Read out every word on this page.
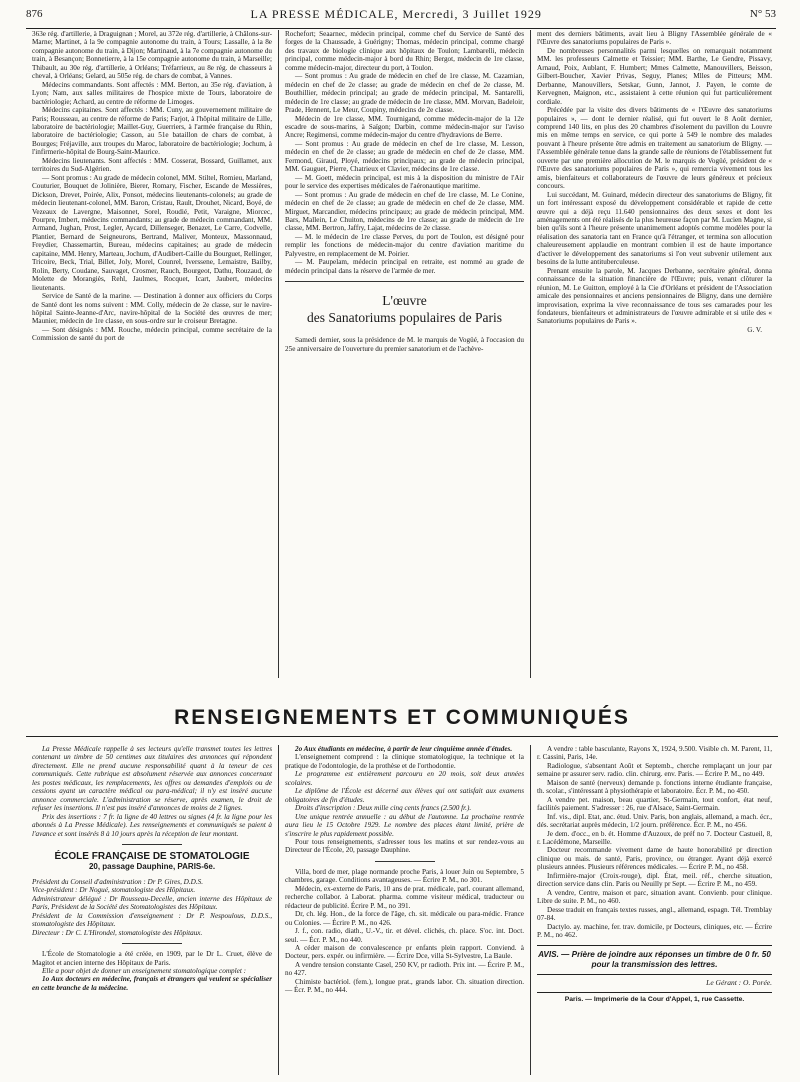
876	LA PRESSE MÉDICALE, Mercredi, 3 Juillet 1929	N° 53

363e rég. d'artillerie, à Draguignan ; Morel, au 372e rég. d'artillerie, à Châlons-sur-Marne; Martinet, à la 9e compagnie autonome du train, à Tours; Lassalle, à la 8e compagnie autonome du train, à Dijon; Martinaud, à la 7e compagnie autonome du train, à Besançon; Bonnetierre, à la 15e compagnie autonome du train, à Marseille; Thibault, au 30e rég. d'artillerie, à Orléans; Tréfarrieux, au 8e rég. de chasseurs à cheval, à Orléans; Gelard, au 505e rég. de chars de combat, à Vannes.

Médecins commandants. Sont affectés : MM. Berton, au 35e rég. d'aviation, à Lyon; Nam, aux salles militaires de l'hospice mixte de Tours, laboratoire de bactériologie; Achard, au centre de réforme de Limoges.

Médecins capitaines. Sont affectés : MM. Cuny, au gouvernement militaire de Paris; Rousseau, au centre de réforme de Paris; Farjot, à l'hôpital militaire de Lille, laboratoire de bactériologie; Maillet-Guy, Guerriers, à l'armée française du Rhin, laboratoire de bactériologie; Casson, au 51e bataillon de chars de combat, à Bourges; Fréjaville, aux troupes du Maroc, laboratoire de bactériologie; Jochum, à l'infirmerie-hôpital de Bourg-Saint-Maurice.

Médecins lieutenants. Sont affectés : MM. Cosserat, Bossard, Guillamet, aux territoires du Sud-Algérien.

— Sont promus : Au grade de médecin colonel, MM. Stiltel, Romieu, Marland, Couturier, Bouquet de Jolinière, Bierer, Romary, Fischer, Escande de Messières, Dickson, Drevet, Poirée, Alix, Ponsot, médecins lieutenants-colonels; au grade de médecin lieutenant-colonel, MM. Baron, Cristau, Rault, Drouhet, Nicard, Boyé, de Vezeaux de Lavergne, Maisonnet, Sorel, Roudié, Petit, Varaigne, Miorcec, Pourpre, Imbert, médecins commandants; au grade de médecin commandant, MM. Armand, Jughan, Prost, Legler, Aycard, Dillenseger, Benazet, Le Carre, Codvelle, Plantier, Bernard de Seigneurons, Bertrand, Maliver, Monteux, Massonnaud, Freydier, Chassemartin, Bureau, médecins capitaines; au grade de médecin capitaine, MM. Henry, Marteau, Jochum, d'Audibert-Caille du Bourguet, Rellinger, Tricoire, Beck, Trial, Billet, Joly, Morel, Counrel, Iverssene, Lemaistre, Bailby, Rolin, Berty, Coudane, Sauvaget, Crosmer, Rauch, Bourgeot, Dathu, Rouzaud, de Molette de Morangiès, Rehl, Jaulmes, Rocquet, Icart, Jaubert, médecins lieutenants.

Service de Santé de la marine. — Destination à donner aux officiers du Corps de Santé dont les noms suivent : MM. Colly, médecin de 2e classe, sur le navire-hôpital Sainte-Jeanne-d'Arc, navire-hôpital de la Société des œuvres de mer; Maunier, médecin de 1re classe, en sous-ordre sur le croiseur Bretagne.

— Sont désignés : MM. Rouche, médecin principal, comme secrétaire de la Commission de santé du port de

Rochefort; Seaarnec, médecin principal, comme chef du Service de Santé des forges de la Chaussade, à Guérigny; Thomas, médecin principal, comme chargé des travaux de biologie clinique aux hôpitaux de Toulon; Lambarelli, médecin principal, comme médecin-major à bord du Rhin; Bergot, médecin de 1re classe, comme médecin-major, directeur du port, à Toulon.

— Sont promus : Au grade de médecin en chef de 1re classe, M. Cazamian, médecin en chef de 2e classe; au grade de médecin en chef de 2e classe, M. Bouthillier, médecin principal; au grade de médecin principal, M. Santarelli, médecin de 1re classe; au grade de médecin de 1re classe, MM. Morvan, Badeloir, Prade, Hennent, Le Meur, Coupiny, médecins de 2e classe.

Médecin de 1re classe, MM. Tournigand, comme médecin-major de la 12e escadre de sous-marins, à Saïgon; Darbin, comme médecin-major sur l'aviso Ancre; Regimensi, comme médecin-major du centre d'hydravions de Berre.

— Sont promus : Au grade de médecin en chef de 1re classe, M. Lesson, médecin en chef de 2e classe; au grade de médecin en chef de 2e classe, MM. Fermond, Giraud, Ployé, médecins principaux; au grade de médecin principal, MM. Gauguet, Pierre, Chatrieux et Clavier, médecins de 1re classe.

— M. Goett, médecin principal, est mis à la disposition du ministre de l'Air pour le service des expertises médicales de l'aéronautique maritime.

— Sont promus : Au grade de médecin en chef de 1re classe, M. Le Conine, médecin en chef de 2e classe; au grade de médecin en chef de 2e classe, MM. Mirguet, Marcandier, médecins principaux; au grade de médecin principal, MM. Bars, Mallein, Le Chuiton, médecins de 1re classe; au grade de médecin de 1re classe, MM. Bertron, Jaffry, Lajat, médecins de 2e classe.

— M. le médecin de 1re classe Perves, du port de Toulon, est désigné pour remplir les fonctions de médecin-major du centre d'aviation maritime du Palyvestre, en remplacement de M. Poirier.

— M. Paupelam, médecin principal en retraite, est nommé au grade de médecin principal dans la réserve de l'armée de mer.

L'œuvre
des Sanatoriums populaires de Paris

Samedi dernier, sous la présidence de M. le marquis de Vogüé, à l'occasion du 25e anniversaire de l'ouverture du premier sanatorium et de l'achève-

ment des derniers bâtiments, avait lieu à Bligny l'Assemblée générale de « l'Œuvre des sanatoriums populaires de Paris ».

De nombreuses personnalités parmi lesquelles on remarquait notamment MM. les professeurs Calmette et Teissier; MM. Barthe, Le Gendre, Pissavy, Arnaud, Poix, Aublant, F. Humbert; Mmes Calmette, Manouvillers, Beisson, Gilbert-Boucher, Xavier Privas, Seguy, Planes; Mlles de Pitteurs; MM. Derbanne, Manouvillers, Setskar, Gunn, Jannot, J. Payen, le comte de Kervegnen, Maignon, etc., assistaient à cette réunion qui fut particulièrement cordiale.

Précédée par la visite des divers bâtiments de « l'Œuvre des sanatoriums populaires », — dont le dernier réalisé, qui fut ouvert le 8 Août dernier, comprend 140 lits, en plus des 20 chambres d'isolement du pavillon du Louvre mis en même temps en service, ce qui porte à 549 le nombre des malades pouvant à l'heure présente être admis en traitement au sanatorium de Bligny. — l'Assemblée générale tenue dans la grande salle de réunions de l'établissement fut ouverte par une première allocution de M. le marquis de Vogüé, président de « l'Œuvre des sanatoriums populaires de Paris », qui remercia vivement tous les amis, bienfaiteurs et collaborateurs de l'œuvre de leurs généreux et précieux concours.

Lui succédant, M. Guinard, médecin directeur des sanatoriums de Bligny, fit un fort intéressant exposé du développement considérable et rapide de cette œuvre qui a déjà reçu 11.640 pensionnaires des deux sexes et dont les aménagements ont été réalisés de la plus heureuse façon par M. Lucien Magne, si bien qu'ils sont à l'heure présente unanimement adoptés comme modèles pour la réalisation des sanatoria tant en France qu'à l'étranger, et termina son allocution chaleureusement applaudie en montrant combien il est de haute importance d'activer le développement des sanatoriums si l'on veut subvenir utilement aux besoins de la lutte antituberculeuse.

Prenant ensuite la parole, M. Jacques Derbanne, secrétaire général, donna connaissance de la situation financière de l'Œuvre; puis, venant clôturer la réunion, M. Le Guitton, employé à la Cie d'Orléans et président de l'Association amicale des pensionnaires et anciens pensionnaires de Bligny, dans une dernière improvisation, exprima la vive reconnaissance de tous ses camarades pour les fondateurs, bienfaiteurs et administrateurs de l'œuvre admirable et si utile des « Sanatoriums populaires de Paris ».

G. V.
RENSEIGNEMENTS ET COMMUNIQUÉS

La Presse Médicale rappelle à ses lecteurs qu'elle transmet toutes les lettres contenant un timbre de 50 centimes aux titulaires des annonces qui répondent directement. Elle ne prend aucune responsabilité quant à la teneur de ces communiqués. Cette rubrique est absolument réservée aux annonces concernant les postes médicaux, les remplacements, les offres ou demandes d'emplois ou de cessions ayant un caractère médical ou para-médical; il n'y est inséré aucune annonce commerciale. L'administration se réserve, après examen, le droit de refuser les insertions. Il n'est pas inséré d'annonces de moins de 2 lignes.

Prix des insertions : 7 fr. la ligne de 40 lettres ou signes (4 fr. la ligne pour les abonnés à La Presse Médicale). Les renseignements et communiqués se paient à l'avance et sont insérés 8 à 10 jours après la réception de leur montant.

ÉCOLE FRANÇAISE DE STOMATOLOGIE
20, passage Dauphine, PARIS-6e.

Président du Conseil d'administration : Dr P. Gires, D.D.S.

Vice-président : Dr Nogué, stomatologiste des Hôpitaux.

Administrateur délégué : Dr Rousseau-Decelle, ancien interne des Hôpitaux de Paris, Président de la Société des Stomatologistes des Hôpitaux.

Président de la Commission d'enseignement : Dr P. Nespoulous, D.D.S., stomatologiste des Hôpitaux.

Directeur : Dr C. L'Hirondel, stomatologiste des Hôpitaux.

L'École de Stomatologie a été créée, en 1909, par le Dr L. Cruet, élève de Magitot et ancien interne des Hôpitaux de Paris.

Elle a pour objet de donner un enseignement stomatologique complet :

1o Aux docteurs en médecine, français et étrangers qui veulent se spécialiser en cette branche de la médecine.

2o Aux étudiants en médecine, à partir de leur cinquième année d'études.

L'enseignement comprend : la clinique stomatologique, la technique et la pratique de l'odontologie, de la prothèse et de l'orthodontie.

Le programme est entièrement parcouru en 20 mois, soit deux années scolaires.

Le diplôme de l'École est décerné aux élèves qui ont satisfait aux examens obligatoires de fin d'études.

Droits d'inscription : Deux mille cinq cents francs (2.500 fr.).

Une unique rentrée annuelle : au début de l'automne. La prochaine rentrée aura lieu le 15 Octobre 1929. Le nombre des places étant limité, prière de s'inscrire le plus rapidement possible.

Pour tous renseignements, s'adresser tous les matins et sur rendez-vous au Directeur de l'École, 20, passage Dauphine.

Villa, bord de mer, plage normande proche Paris, à louer Juin ou Septembre, 5 chambres, garage. Conditions avantageuses. — Écrire P. M., no 301.

Médecin, ex-externe de Paris, 10 ans de prat. médicale, parl. courant allemand, recherche collabor. à Laborat. pharma. comme visiteur médical, traducteur ou rédacteur de publicité. Écrire P. M., no 391.

Dr, ch. lég. Hon., de la force de l'âge, ch. sit. médicale ou para-médic. France ou Colonies. — Écrire P. M., no 426.

J. f., con. radio, diath., U.-V., tir. et dével. clichés, ch. place. S'oc. int. Doct. seul. — Écr. P. M., no 440.

A céder maison de convalescence pr enfants plein rapport. Conviend. à Docteur, pers. expér. ou infirmière. — Écrire Dce, villa St-Sylvestre, La Baule.

A vendre tension constante Casel, 250 KV, pr radioth. Prix int. — Écrire P. M., no 427.

Chimiste bactériol. (fem.), longue prat., grands labor. Ch. situation direction. — Écr. P. M., no 444.

A vendre : table basculante, Rayons X, 1924, 9.500. Visible ch. M. Parent, 11, r. Cassini, Paris, 14e.

Radiologue, s'absentant Août et Septemb., cherche remplaçant un jour par semaine pr assurer serv. radio. clin. chirurg. env. Paris. — Écrire P. M., no 449.

Maison de santé (nerveux) demande p. fonctions interne étudiante française, th. scolar., s'intéressant à physiothérapie et laboratoire. Écr. P. M., no 450.

A vendre pet. maison, beau quartier, St-Germain, tout confort, état neuf, facilités paiement. S'adresser : 26, rue d'Alsace, Saint-Germain.

Inf. vis., dipl. Etat, anc. étud. Univ. Paris, bon anglais, allemand, a mach. écr., dés. secrétariat auprès médecin, 1/2 journ. préférence. Écr. P. M., no 456.

Je dem. d'occ., en b. ét. Homme d'Auzoux, de préf no 7. Docteur Castueil, 8, r. Lacédémone, Marseille.

Docteur recommande vivement dame de haute honorabilité pr direction clinique ou mais. de santé, Paris, province, ou étranger. Ayant déjà exercé plusieurs années. Plusieurs références médicales. — Écrire P. M., no 458.

Infirmière-major (Croix-rouge), dipl. État, meil. réf., cherche situation, direction service dans clin. Paris ou Neuilly pr Sept. — Écrire P. M., no 459.

A vendre, Centre, maison et parc, situation avant. Convienb. pour clinique. Libre de suite. P. M., no 460.

Desse traduit en français textes russes, angl., allemand, espagn. Tél. Tremblay 07-84.

Dactylo. ay. machine, fer. trav. domicile, pr Docteurs, cliniques, etc. — Écrire P. M., no 462.

AVIS. — Prière de joindre aux réponses un timbre de 0 fr. 50 pour la transmission des lettres.
Le Gérant : O. Porée.
Paris. — Imprimerie de la Cour d'Appel, 1, rue Cassette.
